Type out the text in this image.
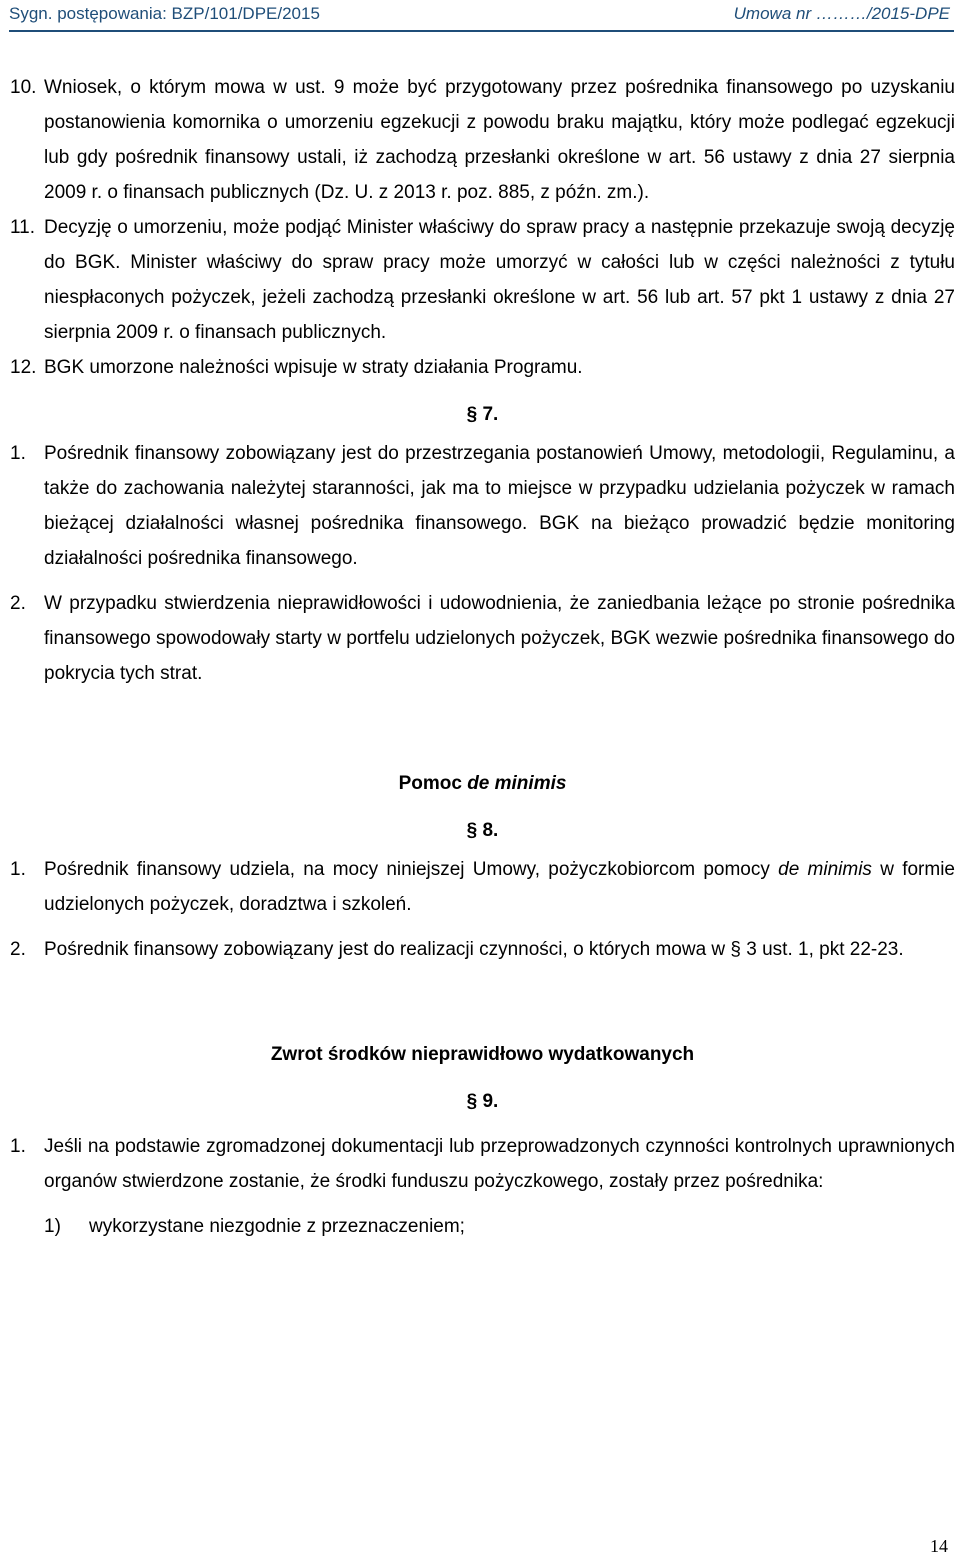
Sygn. postępowania: BZP/101/DPE/2015	Umowa nr ………/2015-DPE

10. Wniosek, o którym mowa w ust. 9 może być przygotowany przez pośrednika finansowego po uzyskaniu postanowienia komornika o umorzeniu egzekucji z powodu braku majątku, który może podlegać egzekucji lub gdy pośrednik finansowy ustali, iż zachodzą przesłanki określone w art. 56 ustawy z dnia 27 sierpnia 2009 r. o finansach publicznych (Dz. U. z 2013 r. poz. 885, z późn. zm.).

11. Decyzję o umorzeniu, może podjąć Minister właściwy do spraw pracy a następnie przekazuje swoją decyzję do BGK. Minister właściwy do spraw pracy może umorzyć w całości lub w części należności z tytułu niespłaconych pożyczek, jeżeli zachodzą przesłanki określone w art. 56 lub art. 57 pkt 1 ustawy z dnia 27 sierpnia 2009 r. o finansach publicznych.

12. BGK umorzone należności wpisuje w straty działania Programu.

§ 7.

1. Pośrednik finansowy zobowiązany jest do przestrzegania postanowień Umowy, metodologii, Regulaminu, a także do zachowania należytej staranności, jak ma to miejsce w przypadku udzielania pożyczek w ramach bieżącej działalności własnej pośrednika finansowego. BGK na bieżąco prowadzić będzie monitoring działalności pośrednika finansowego.

2. W przypadku stwierdzenia nieprawidłowości i udowodnienia, że zaniedbania leżące po stronie pośrednika finansowego spowodowały starty w portfelu udzielonych pożyczek, BGK wezwie pośrednika finansowego do pokrycia tych strat.

Pomoc de minimis

§ 8.

1. Pośrednik finansowy udziela, na mocy niniejszej Umowy, pożyczkobiorcom pomocy de minimis w formie udzielonych pożyczek, doradztwa i szkoleń.

2. Pośrednik finansowy zobowiązany jest do realizacji czynności, o których mowa w § 3 ust. 1, pkt 22-23.

Zwrot środków nieprawidłowo wydatkowanych

§ 9.

1. Jeśli na podstawie zgromadzonej dokumentacji lub przeprowadzonych czynności kontrolnych uprawnionych organów stwierdzone zostanie, że środki funduszu pożyczkowego, zostały przez pośrednika:

1)	wykorzystane niezgodnie z przeznaczeniem;

14
